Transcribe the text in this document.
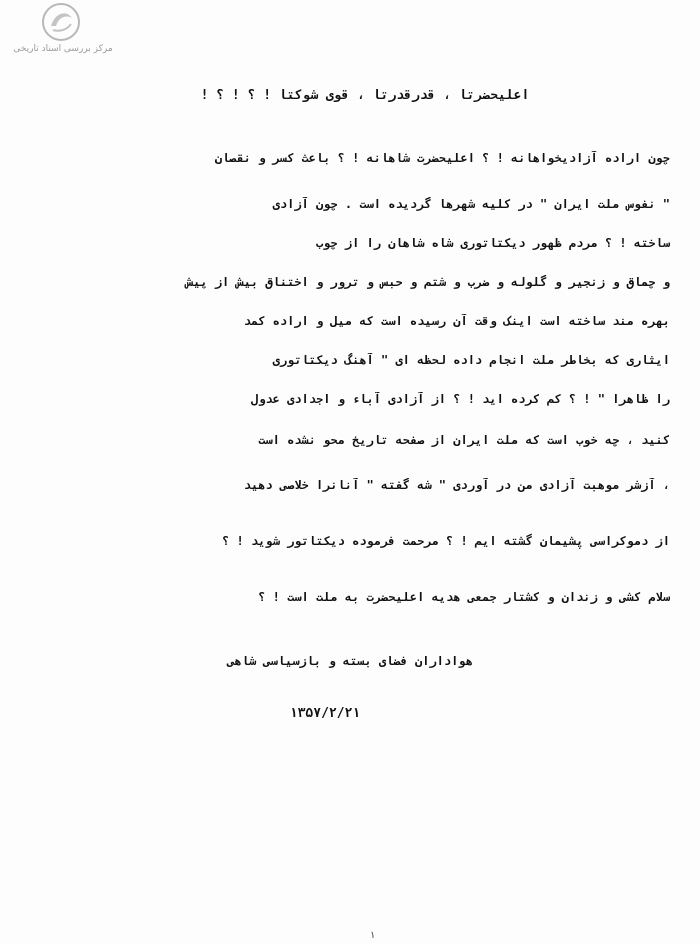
مرکز بررسی اسناد تاریخی
اعلیحضرتا ، قدرقدرتا ، قوی شوکتا ! ؟ ! ؟ !
چون اراده آزادیخواهانه ! ؟ اعلیحضرت شاهانه ! ؟ باعث کسر و نقصان
" نفوس ملت ایران " در کلیه شهرها گردیده است . چون آزادی
ساخته ! ؟ مردم ظهور دیکتاتوری شاه شاهان را از چوب
و چماق و زنجیر و گلوله و ضرب و شتم و حبس و ترور و اختناق بیش از پیش
بهره مند ساخته است اینک وقت آن رسیده است که میل و اراده کمد
ایثاری که بخاطر ملت انجام داده لحظه ای " آهنگ دیکتاتوری
را ظاهرا " ! ؟ کم کرده اید ! ؟ از آزادی آباء و اجدادی عدول
کنید ، چه خوب است که ملت ایران از صفحه تاریخ محو نشده است
، آزشر موهبت آزادی من در آوردی " شه گفته " آنانرا خلاصی دهید
از دموکراسی پشیمان گشته ایم ! ؟ مرحمت فرموده دیکتاتور شوید ! ؟
سلام کشی و زندان و کشتار جمعی هدیه اعلیحضرت به ملت است ! ؟
هواداران فضای بسته و بازسیاسی شاهی
۱۳۵۷/۲/۲۱
۱
